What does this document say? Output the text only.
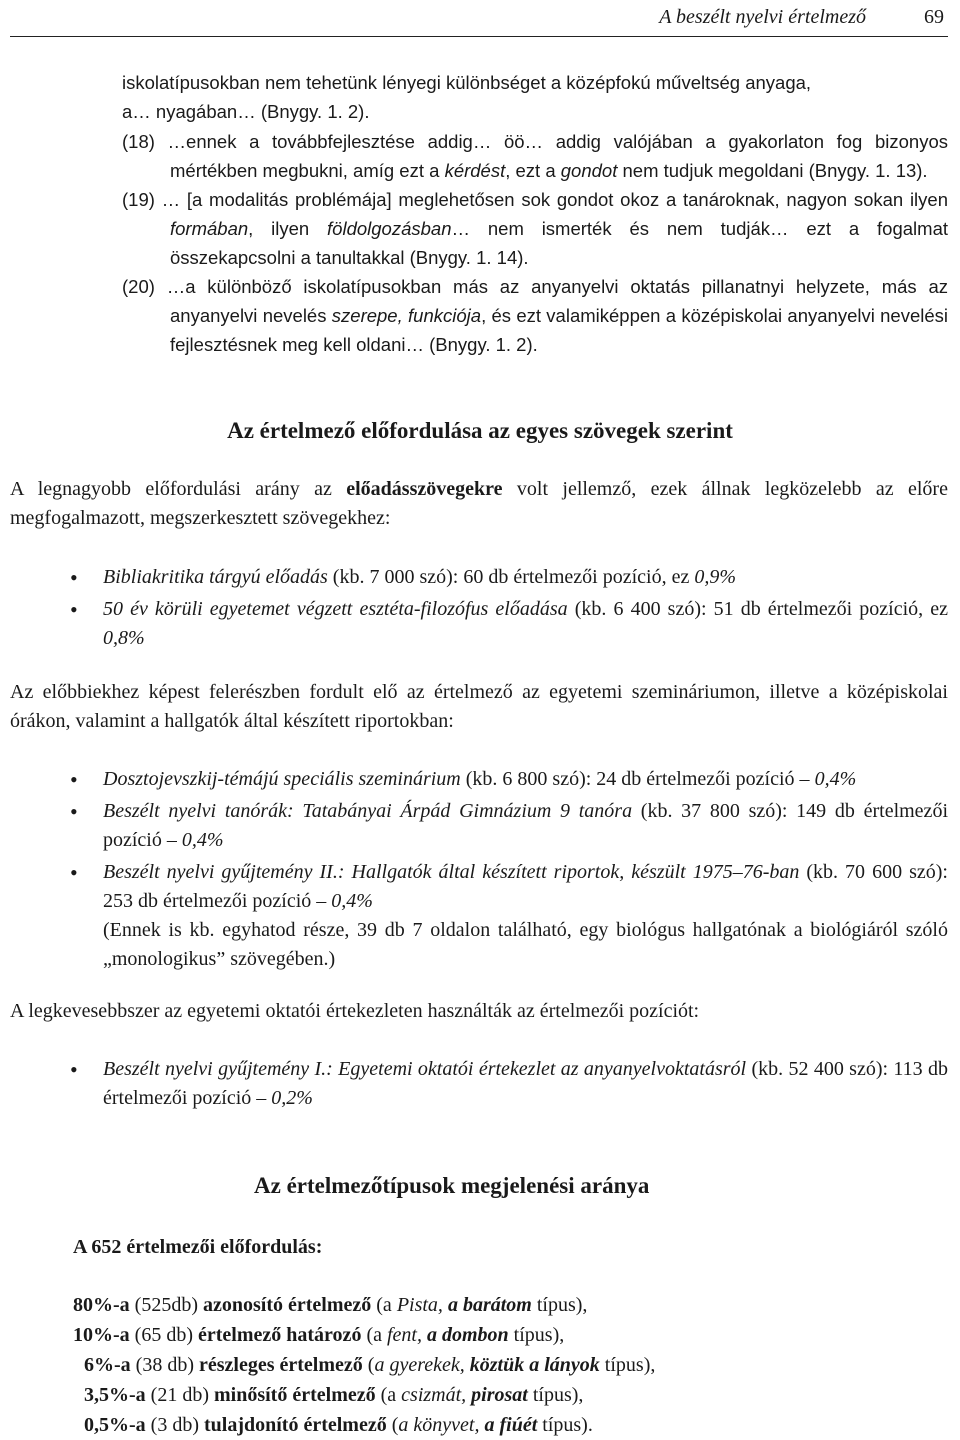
A beszélt nyelvi értelmező	69
iskolatípusokban nem tehetünk lényegi különbséget a középfokú műveltség anyaga,
a… nyagában… (Bnygy. 1. 2).
(18) …ennek a továbbfejlesztése addig… öö… addig valójában a gyakorlaton fog bizonyos mértékben megbukni, amíg ezt a kérdést, ezt a gondot nem tudjuk megoldani (Bnygy. 1. 13).
(19) … [a modalitás problémája] meglehetősen sok gondot okoz a tanároknak, nagyon sokan ilyen formában, ilyen földolgozásban… nem ismerték és nem tudják… ezt a fogalmat összekapcsolni a tanultakkal (Bnygy. 1. 14).
(20) …a különböző iskolatípusokban más az anyanyelvi oktatás pillanatnyi helyzete, más az anyanyelvi nevelés szerepe, funkciója, és ezt valamiképpen a középiskolai anyanyelvi nevelési fejlesztésnek meg kell oldani… (Bnygy. 1. 2).
Az értelmező előfordulása az egyes szövegek szerint
A legnagyobb előfordulási arány az előadásszövegekre volt jellemző, ezek állnak legközelebb az előre megfogalmazott, megszerkesztett szövegekhez:
• Bibliakritika tárgyú előadás (kb. 7 000 szó): 60 db értelmezői pozíció, ez 0,9%
• 50 év körüli egyetemet végzett esztéta-filozófus előadása (kb. 6 400 szó): 51 db értelmezői pozíció, ez 0,8%
Az előbbiekhez képest felerészben fordult elő az értelmező az egyetemi szemináriumon, illetve a középiskolai órákon, valamint a hallgatók által készített riportokban:
• Dosztojevszkij-témájú speciális szeminárium (kb. 6 800 szó): 24 db értelmezői pozíció – 0,4%
• Beszélt nyelvi tanórák: Tatabányai Árpád Gimnázium 9 tanóra (kb. 37 800 szó): 149 db értelmezői pozíció – 0,4%
• Beszélt nyelvi gyűjtemény II.: Hallgatók által készített riportok, készült 1975–76-ban (kb. 70 600 szó): 253 db értelmezői pozíció – 0,4%
(Ennek is kb. egyhatod része, 39 db 7 oldalon található, egy biológus hallgatónak a biológiáról szóló „monologikus” szövegében.)
A legkevesebbszer az egyetemi oktatói értekezleten használták az értelmezői pozíciót:
• Beszélt nyelvi gyűjtemény I.: Egyetemi oktatói értekezlet az anyanyelvoktatásról (kb. 52 400 szó): 113 db értelmezői pozíció – 0,2%
Az értelmezőtípusok megjelenési aránya
A 652 értelmezői előfordulás:
80%-a (525db) azonosító értelmező (a Pista, a barátom típus),
10%-a (65 db) értelmező határozó (a fent, a dombon típus),
6%-a (38 db) részleges értelmező (a gyerekek, köztük a lányok típus),
3,5%-a (21 db) minősítő értelmező (a csizmát, pirosat típus),
0,5%-a (3 db) tulajdonító értelmező (a könyvet, a fiúét típus).
